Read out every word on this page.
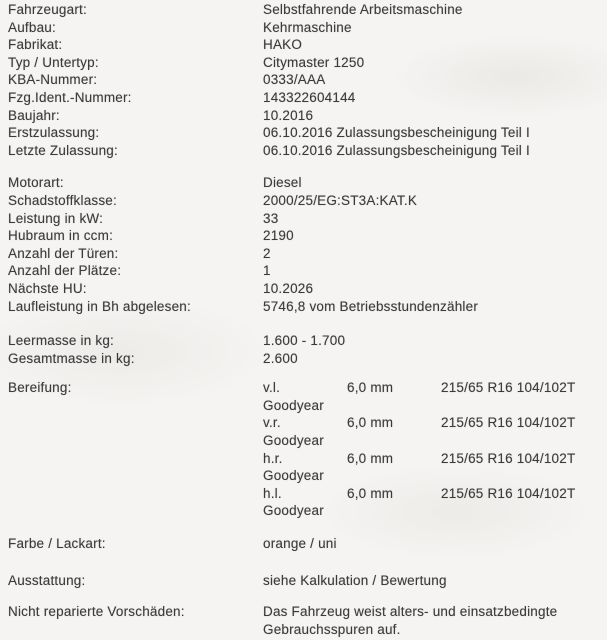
Fahrzeugart:	Selbstfahrende Arbeitsmaschine
Aufbau:	Kehrmaschine
Fabrikat:	HAKO
Typ / Untertyp:	Citymaster 1250
KBA-Nummer:	0333/AAA
Fzg.Ident.-Nummer:	143322604144
Baujahr:	10.2016
Erstzulassung:	06.10.2016 Zulassungsbescheinigung Teil I
Letzte Zulassung:	06.10.2016 Zulassungsbescheinigung Teil I
Motorart:	Diesel
Schadstoffklasse:	2000/25/EG:ST3A:KAT.K
Leistung in kW:	33
Hubraum in ccm:	2190
Anzahl der Türen:	2
Anzahl der Plätze:	1
Nächste HU:	10.2026
Laufleistung in Bh abgelesen:	5746,8 vom Betriebsstundenzähler
Leermasse in kg:	1.600 - 1.700
Gesamtmasse in kg:	2.600
Bereifung:	v.l.	6,0 mm	215/65 R16 104/102T
Goodyear
v.r.	6,0 mm	215/65 R16 104/102T
Goodyear
h.r.	6,0 mm	215/65 R16 104/102T
Goodyear
h.l.	6,0 mm	215/65 R16 104/102T
Goodyear
Farbe / Lackart:	orange / uni
Ausstattung:	siehe Kalkulation / Bewertung
Nicht reparierte Vorschäden:	Das Fahrzeug weist alters- und einsatzbedingte Gebrauchsspuren auf.
